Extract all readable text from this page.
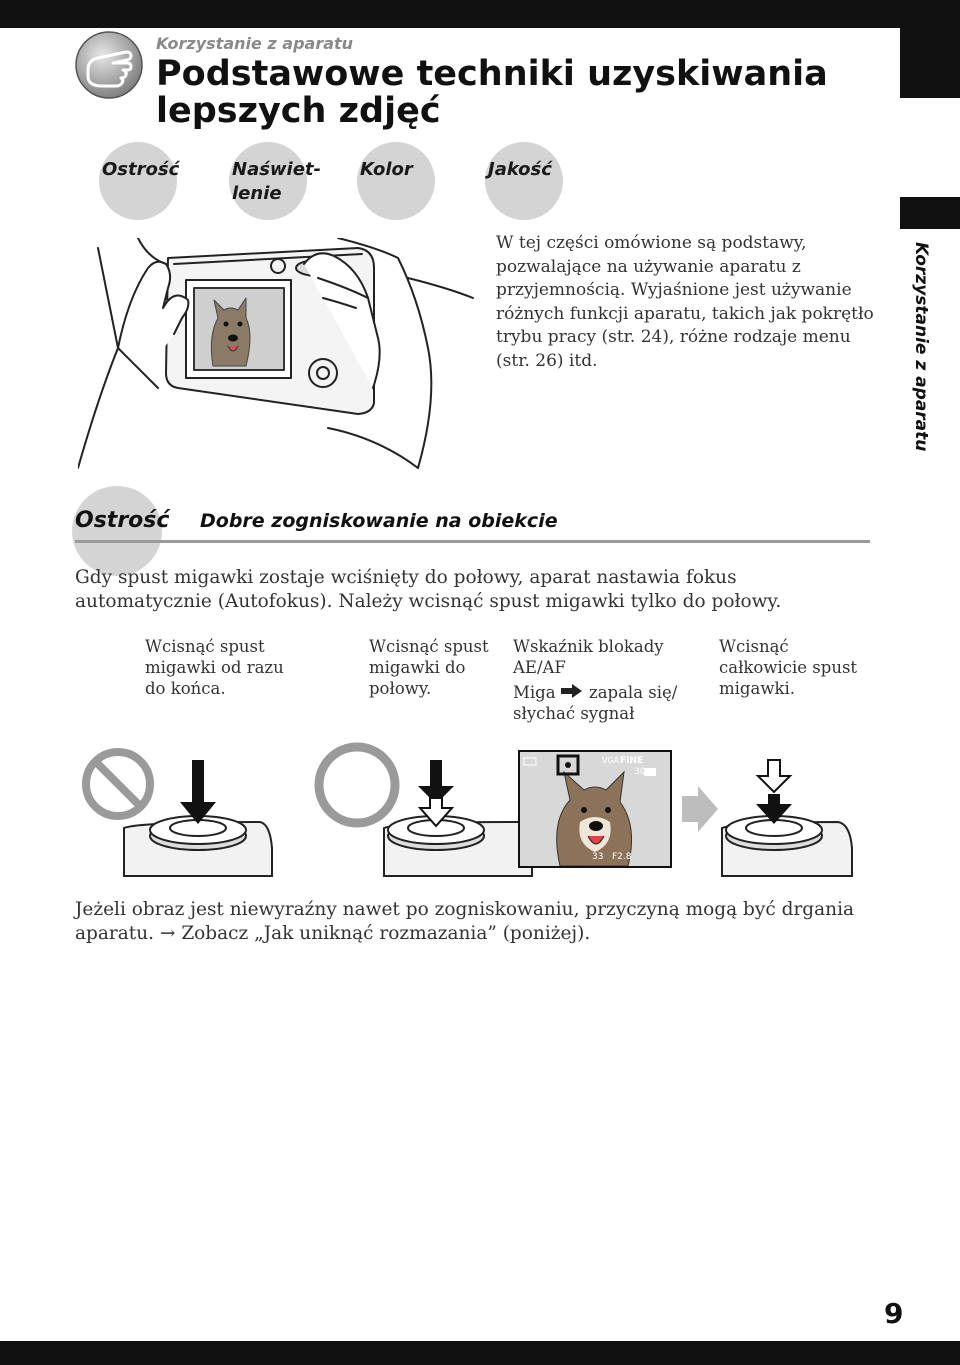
Korzystanie z aparatu
Korzystanie z aparatu
Podstawowe techniki uzyskiwania lepszych zdjęć
Ostrość	Naświet-
lenie
Kolor	Jakość
W tej części omówione są podstawy, pozwalające na używanie aparatu z przyjemnością. Wyjaśnione jest używanie różnych funkcji aparatu, takich jak pokrętło trybu pracy (str. 24), różne rodzaje menu (str. 26) itd.
Ostrość Dobre zogniskowanie na obiekcie
Gdy spust migawki zostaje wciśnięty do połowy, aparat nastawia fokus automatycznie (Autofokus). Należy wcisnąć spust migawki tylko do połowy.
Wcisnąć spust migawki od razu do końca.
Wcisnąć spust migawki do połowy.
Wskaźnik blokady AE/AF
Miga	zapala się/ słychać sygnał
Wcisnąć całkowicie spust migawki.
VGA FINE
30
33 F2.8
Jeżeli obraz jest niewyraźny nawet po zogniskowaniu, przyczyną mogą być drgania
aparatu. → Zobacz „Jak uniknąć rozmazania” (poniżej).
9
